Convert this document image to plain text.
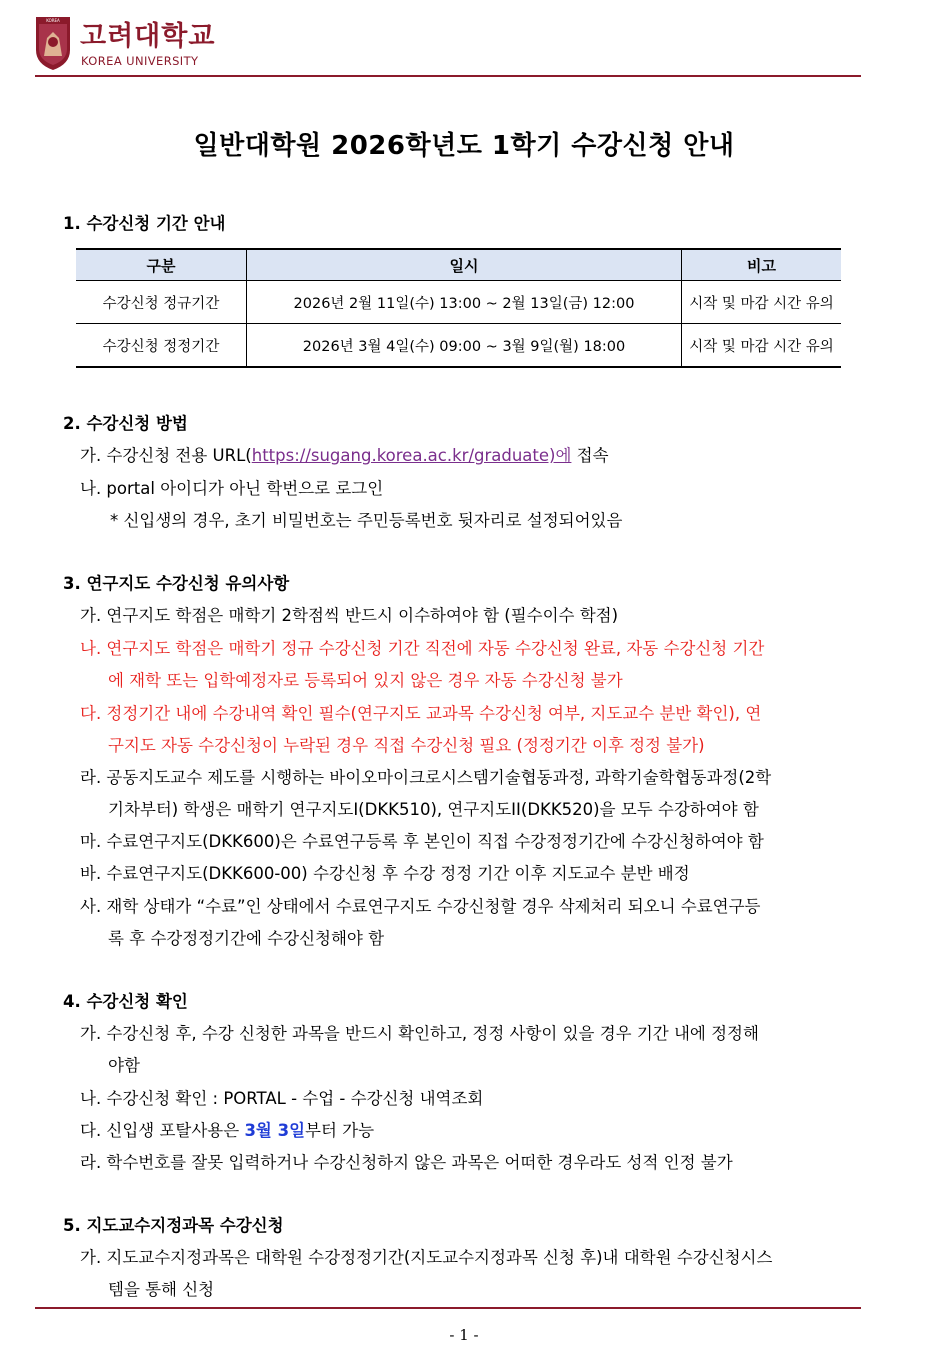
KOREA
고려대학교
KOREA UNIVERSITY
일반대학원 2026학년도 1학기 수강신청 안내
1. 수강신청 기간 안내
구분	일시	비고
수강신청 정규기간	2026년 2월 11일(수) 13:00 ~ 2월 13일(금) 12:00	시작 및 마감 시간 유의
수강신청 정정기간	2026년 3월 4일(수) 09:00 ~ 3월 9일(월) 18:00	시작 및 마감 시간 유의
2. 수강신청 방법
가. 수강신청 전용 URL(https://sugang.korea.ac.kr/graduate)에 접속
나. portal 아이디가 아닌 학번으로 로그인
* 신입생의 경우, 초기 비밀번호는 주민등록번호 뒷자리로 설정되어있음
3. 연구지도 수강신청 유의사항
가. 연구지도 학점은 매학기 2학점씩 반드시 이수하여야 함 (필수이수 학점)
나. 연구지도 학점은 매학기 정규 수강신청 기간 직전에 자동 수강신청 완료, 자동 수강신청 기간
에 재학 또는 입학예정자로 등록되어 있지 않은 경우 자동 수강신청 불가
다. 정정기간 내에 수강내역 확인 필수(연구지도 교과목 수강신청 여부, 지도교수 분반 확인), 연
구지도 자동 수강신청이 누락된 경우 직접 수강신청 필요 (정정기간 이후 정정 불가)
라. 공동지도교수 제도를 시행하는 바이오마이크로시스템기술협동과정, 과학기술학협동과정(2학
기차부터) 학생은 매학기 연구지도I(DKK510), 연구지도II(DKK520)을 모두 수강하여야 함
마. 수료연구지도(DKK600)은 수료연구등록 후 본인이 직접 수강정정기간에 수강신청하여야 함
바. 수료연구지도(DKK600-00) 수강신청 후 수강 정정 기간 이후 지도교수 분반 배정
사. 재학 상태가 “수료”인 상태에서 수료연구지도 수강신청할 경우 삭제처리 되오니 수료연구등
록 후 수강정정기간에 수강신청해야 함
4. 수강신청 확인
가. 수강신청 후, 수강 신청한 과목을 반드시 확인하고, 정정 사항이 있을 경우 기간 내에 정정해
야함
나. 수강신청 확인 : PORTAL - 수업 - 수강신청 내역조회
다. 신입생 포탈사용은 3월 3일부터 가능
라. 학수번호를 잘못 입력하거나 수강신청하지 않은 과목은 어떠한 경우라도 성적 인정 불가
5. 지도교수지정과목 수강신청
가. 지도교수지정과목은 대학원 수강정정기간(지도교수지정과목 신청 후)내 대학원 수강신청시스
템을 통해 신청
- 1 -
